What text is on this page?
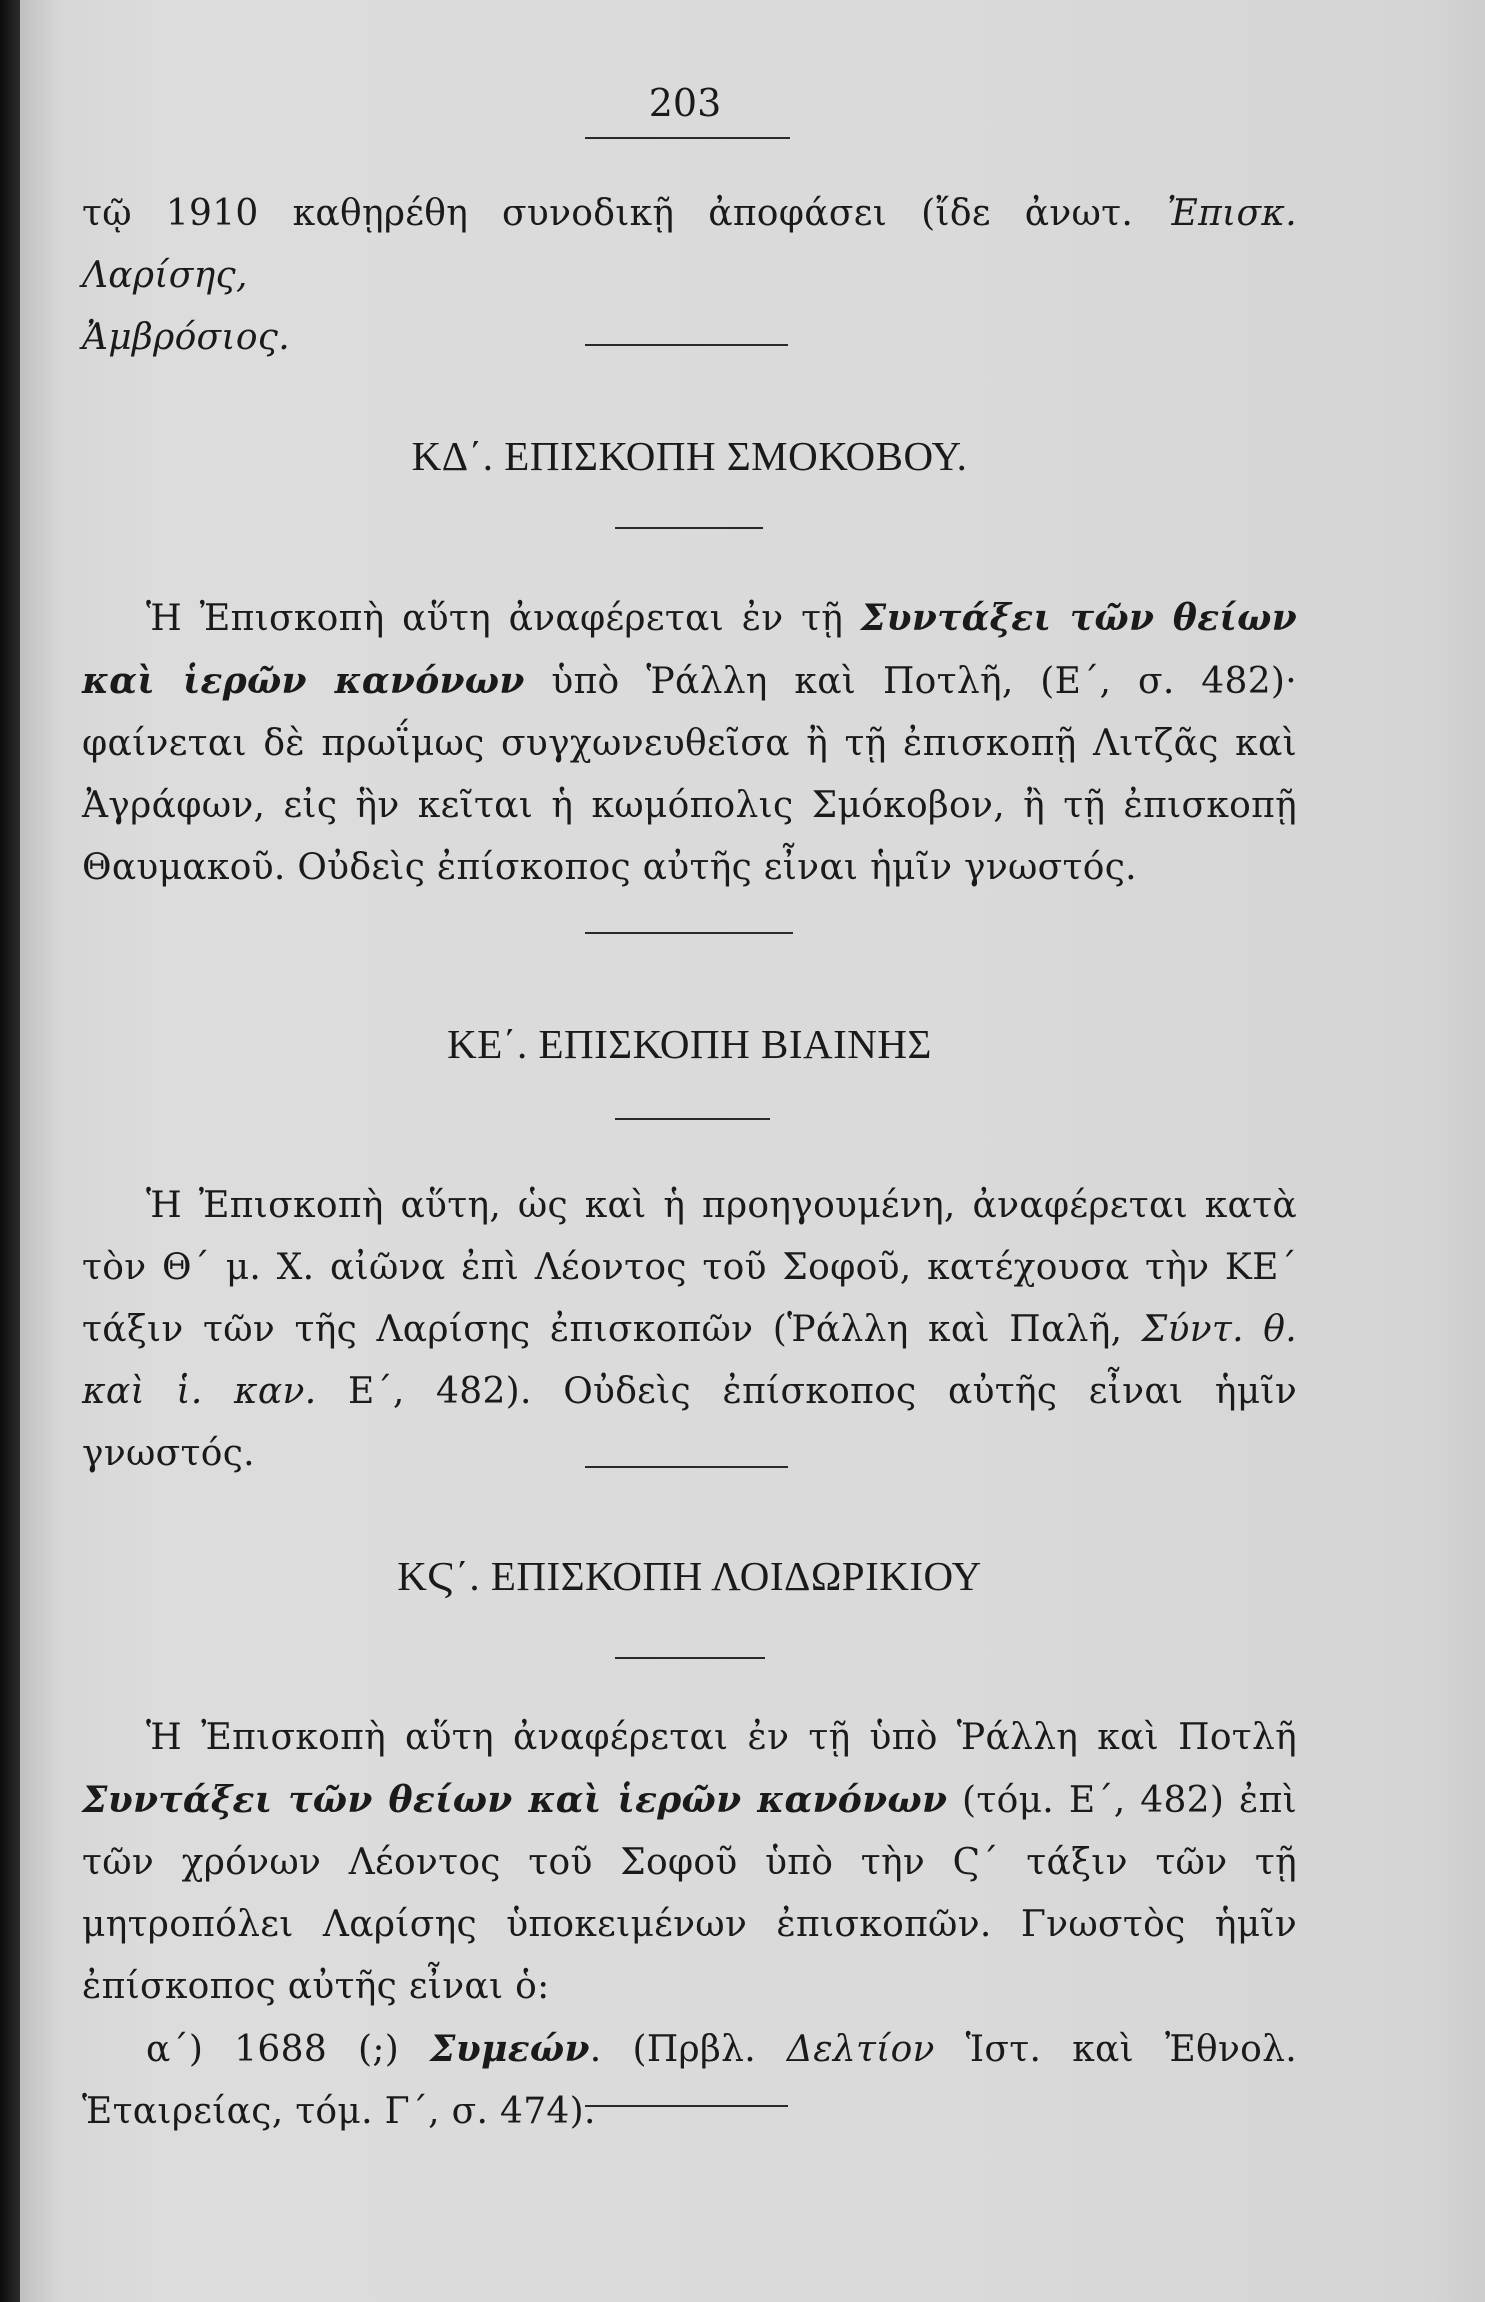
203

τῷ 1910 καθῃρέθη συνοδικῇ ἀποφάσει (ἴδε ἀνωτ. Ἐπισκ. Λαρίσης,
Ἀμβρόσιος.

ΚΔ΄. ΕΠΙΣΚΟΠΗ ΣΜΟΚΟΒΟΥ.

Ἡ Ἐπισκοπὴ αὕτη ἀναφέρεται ἐν τῇ Συντάξει τῶν θείων καὶ ἱερῶν κανόνων ὑπὸ Ῥάλλη καὶ Ποτλῆ, (Ε΄, σ. 482)· φαίνεται δὲ πρωΐμως συγχωνευθεῖσα ἢ τῇ ἐπισκοπῇ Λιτζᾶς καὶ Ἀγράφων, εἰς ἣν κεῖται ἡ κωμόπολις Σμόκοβον, ἢ τῇ ἐπισκοπῇ Θαυμακοῦ. Οὐδεὶς ἐπίσκοπος αὐτῆς εἶναι ἡμῖν γνωστός.

ΚΕ΄. ΕΠΙΣΚΟΠΗ ΒΙΑΙΝΗΣ

Ἡ Ἐπισκοπὴ αὕτη, ὡς καὶ ἡ προηγουμένη, ἀναφέρεται κατὰ τὸν Θ΄ μ. Χ. αἰῶνα ἐπὶ Λέοντος τοῦ Σοφοῦ, κατέχουσα τὴν ΚΕ΄ τάξιν τῶν τῆς Λαρίσης ἐπισκοπῶν (Ῥάλλη καὶ Παλῆ, Σύντ. θ. καὶ ἱ. καν. Ε΄, 482). Οὐδεὶς ἐπίσκοπος αὐτῆς εἶναι ἡμῖν γνωστός.

ΚϚ΄. ΕΠΙΣΚΟΠΗ ΛΟΙΔΩΡΙΚΙΟΥ

Ἡ Ἐπισκοπὴ αὕτη ἀναφέρεται ἐν τῇ ὑπὸ Ῥάλλη καὶ Ποτλῆ Συντάξει τῶν θείων καὶ ἱερῶν κανόνων (τόμ. Ε΄, 482) ἐπὶ τῶν χρόνων Λέοντος τοῦ Σοφοῦ ὑπὸ τὴν Ϛ΄ τάξιν τῶν τῇ μητροπόλει Λαρίσης ὑποκειμένων ἐπισκοπῶν. Γνωστὸς ἡμῖν ἐπίσκοπος αὐτῆς εἶναι ὁ:

α΄) 1688 (;) Συμεών. (Πρβλ. Δελτίον Ἱστ. καὶ Ἐθνολ. Ἑταιρείας, τόμ. Γ΄, σ. 474).
